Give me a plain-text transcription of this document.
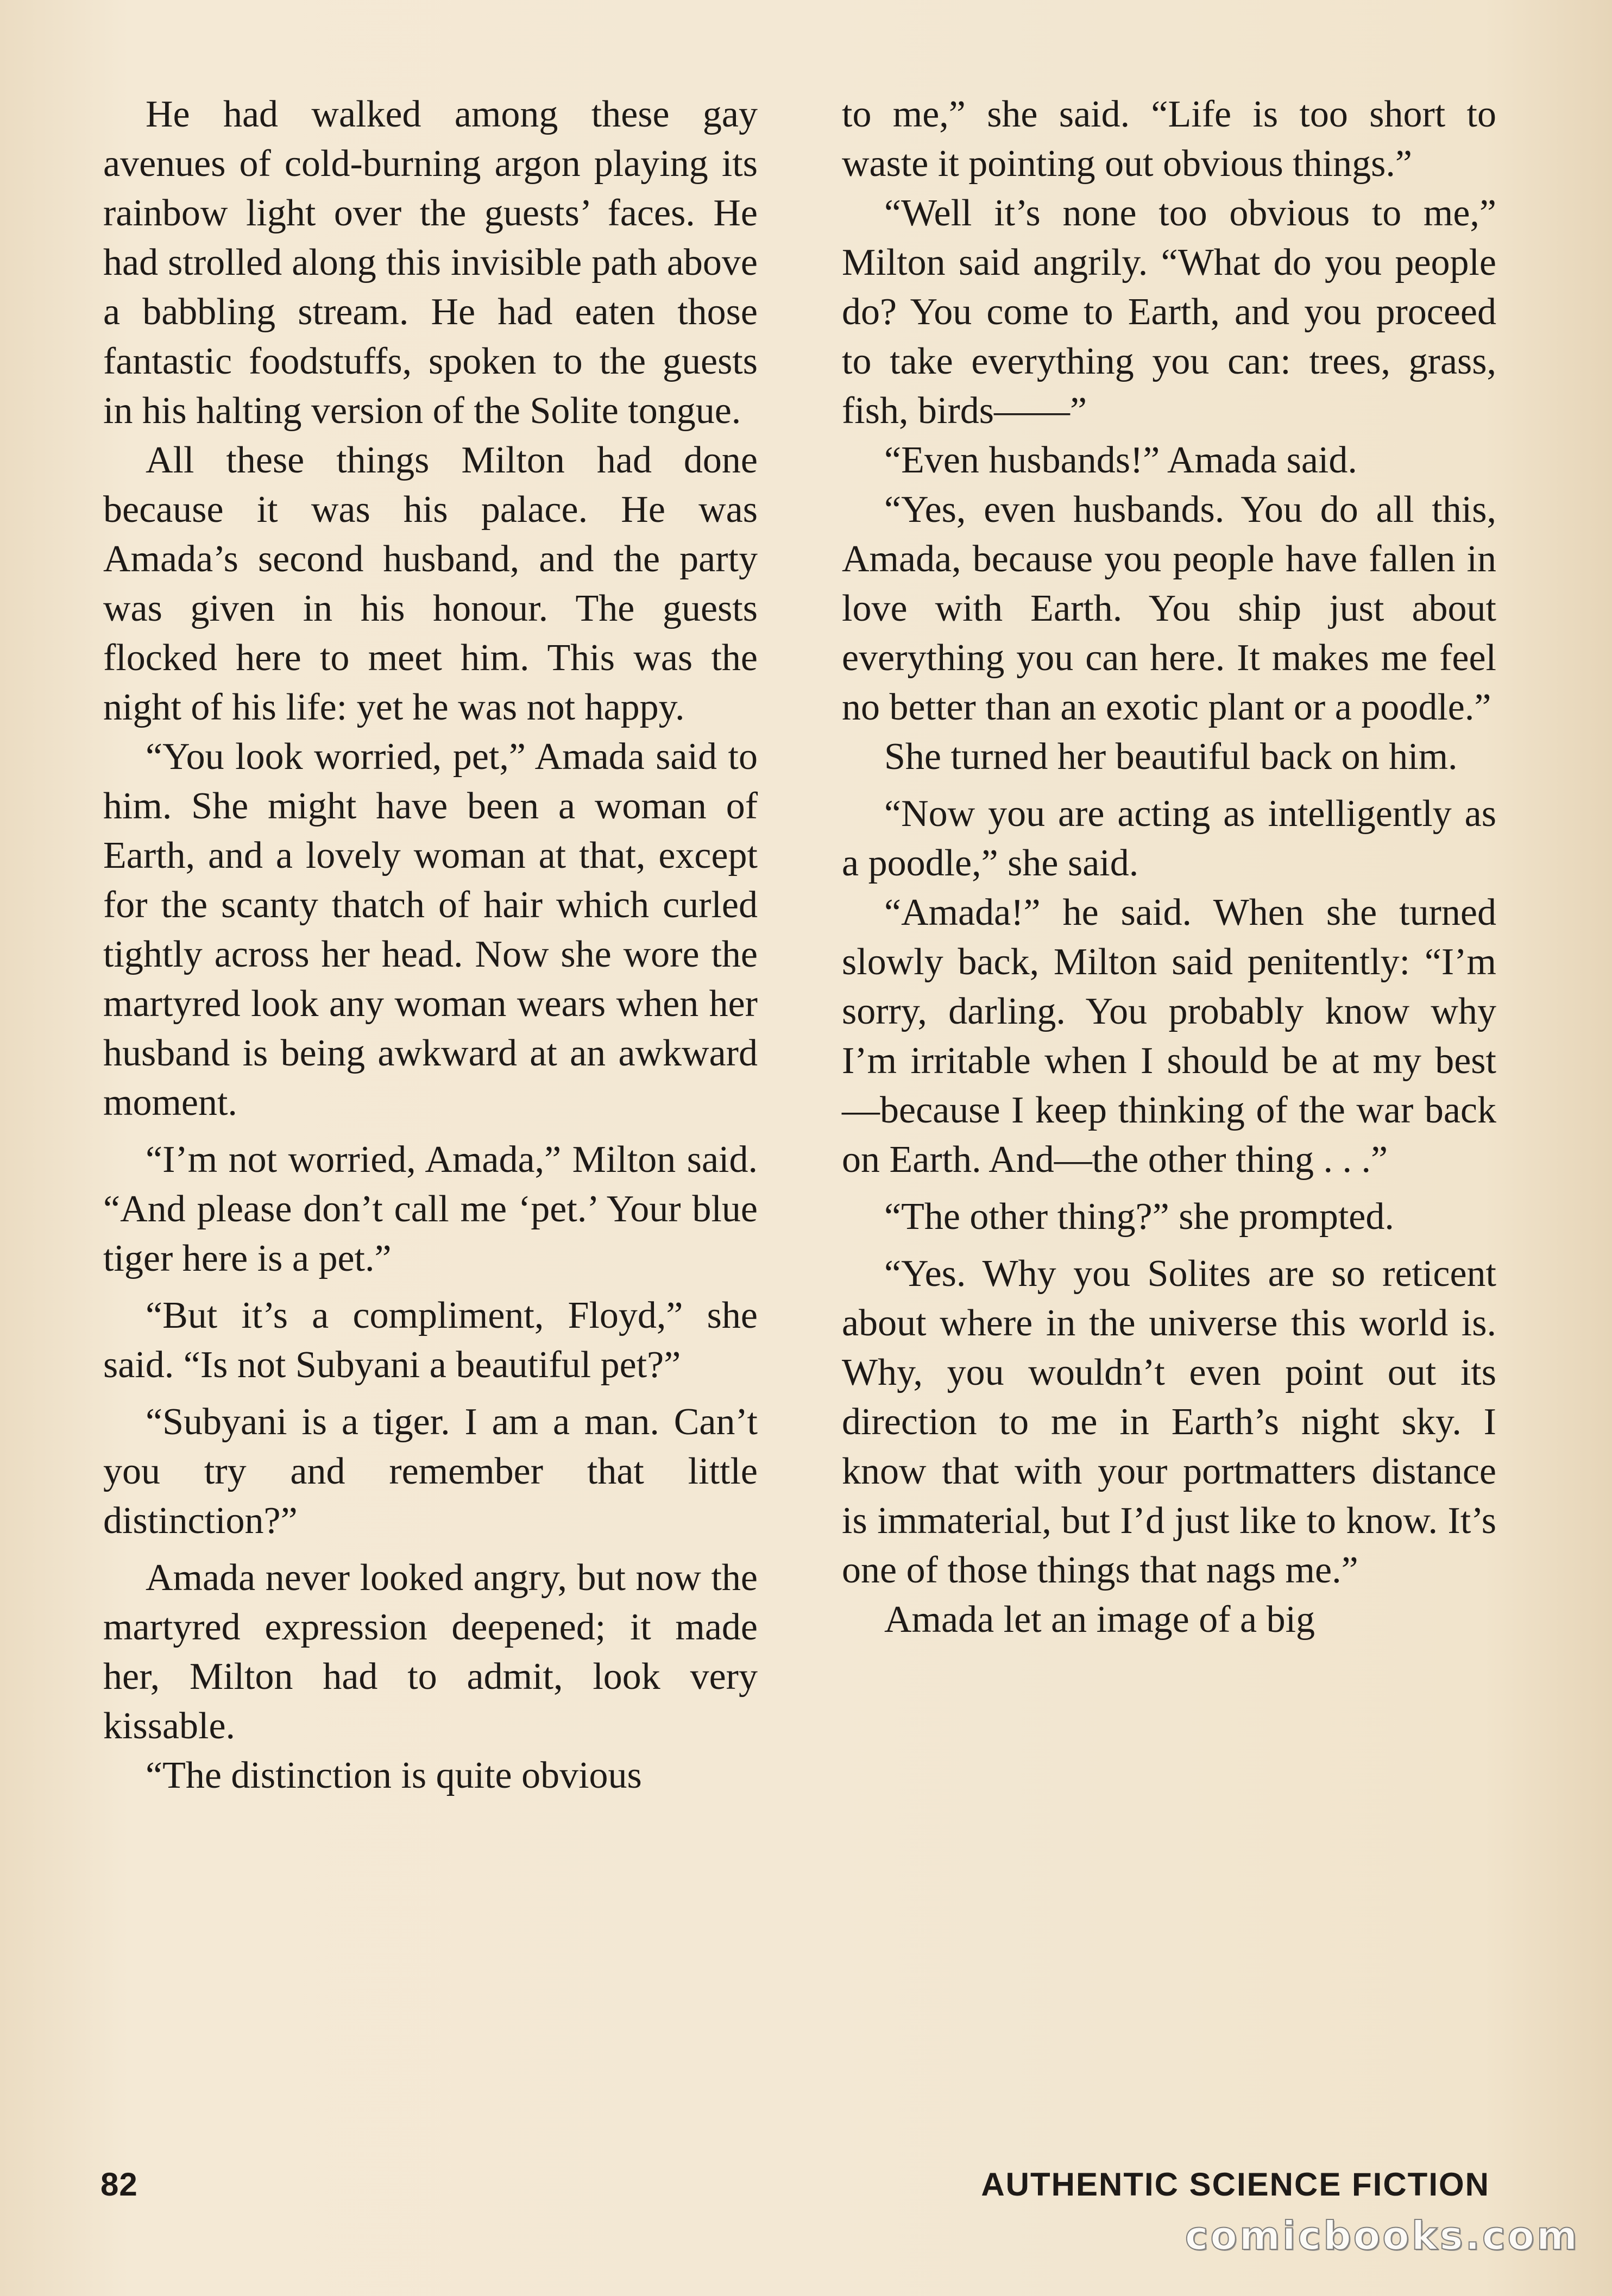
He had walked among these gay avenues of cold-burning argon playing its rainbow light over the guests’ faces. He had strolled along this invisible path above a babbling stream. He had eaten those fantastic foodstuffs, spoken to the guests in his halting version of the Solite tongue.

All these things Milton had done because it was his palace. He was Amada’s second husband, and the party was given in his honour. The guests flocked here to meet him. This was the night of his life: yet he was not happy.

“You look worried, pet,” Amada said to him. She might have been a woman of Earth, and a lovely woman at that, except for the scanty thatch of hair which curled tightly across her head. Now she wore the martyred look any woman wears when her husband is being awkward at an awkward moment.

“I’m not worried, Amada,” Milton said. “And please don’t call me ‘pet.’ Your blue tiger here is a pet.”

“But it’s a compliment, Floyd,” she said. “Is not Subyani a beautiful pet?”

“Subyani is a tiger. I am a man. Can’t you try and remember that little distinction?”

Amada never looked angry, but now the martyred expression deepened; it made her, Milton had to admit, look very kissable.

“The distinction is quite obvious

to me,” she said. “Life is too short to waste it pointing out obvious things.”

“Well it’s none too obvious to me,” Milton said angrily. “What do you people do? You come to Earth, and you proceed to take everything you can: trees, grass, fish, birds——”

“Even husbands!” Amada said.

“Yes, even husbands. You do all this, Amada, because you people have fallen in love with Earth. You ship just about everything you can here. It makes me feel no better than an exotic plant or a poodle.”

She turned her beautiful back on him.

“Now you are acting as intelligently as a poodle,” she said.

“Amada!” he said. When she turned slowly back, Milton said penitently: “I’m sorry, darling. You probably know why I’m irritable when I should be at my best—because I keep thinking of the war back on Earth. And—the other thing . . .”

“The other thing?” she prompted.

“Yes. Why you Solites are so reticent about where in the universe this world is. Why, you wouldn’t even point out its direction to me in Earth’s night sky. I know that with your portmatters distance is immaterial, but I’d just like to know. It’s one of those things that nags me.”

Amada let an image of a big

82	AUTHENTIC SCIENCE FICTION
comicbooks.com
